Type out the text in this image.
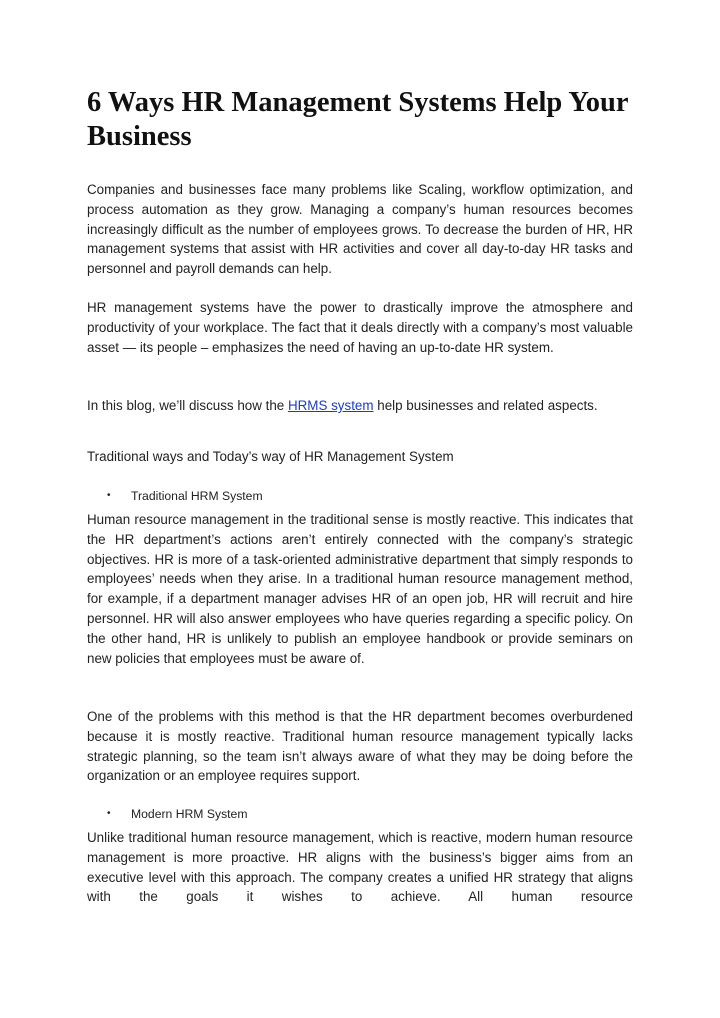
6 Ways HR Management Systems Help Your Business

Companies and businesses face many problems like Scaling, workflow optimization, and process automation as they grow. Managing a company’s human resources becomes increasingly difficult as the number of employees grows. To decrease the burden of HR, HR management systems that assist with HR activities and cover all day-to-day HR tasks and personnel and payroll demands can help.

HR management systems have the power to drastically improve the atmosphere and productivity of your workplace. The fact that it deals directly with a company’s most valuable asset — its people – emphasizes the need of having an up-to-date HR system.

In this blog, we’ll discuss how the HRMS system help businesses and related aspects.

Traditional ways and Today’s way of HR Management System

• Traditional HRM System

Human resource management in the traditional sense is mostly reactive. This indicates that the HR department’s actions aren’t entirely connected with the company’s strategic objectives. HR is more of a task-oriented administrative department that simply responds to employees’ needs when they arise. In a traditional human resource management method, for example, if a department manager advises HR of an open job, HR will recruit and hire personnel. HR will also answer employees who have queries regarding a specific policy. On the other hand, HR is unlikely to publish an employee handbook or provide seminars on new policies that employees must be aware of.

One of the problems with this method is that the HR department becomes overburdened because it is mostly reactive. Traditional human resource management typically lacks strategic planning, so the team isn’t always aware of what they may be doing before the organization or an employee requires support.

• Modern HRM System

Unlike traditional human resource management, which is reactive, modern human resource management is more proactive. HR aligns with the business’s bigger aims from an executive level with this approach. The company creates a unified HR strategy that aligns with the goals it wishes to achieve. All human resource
